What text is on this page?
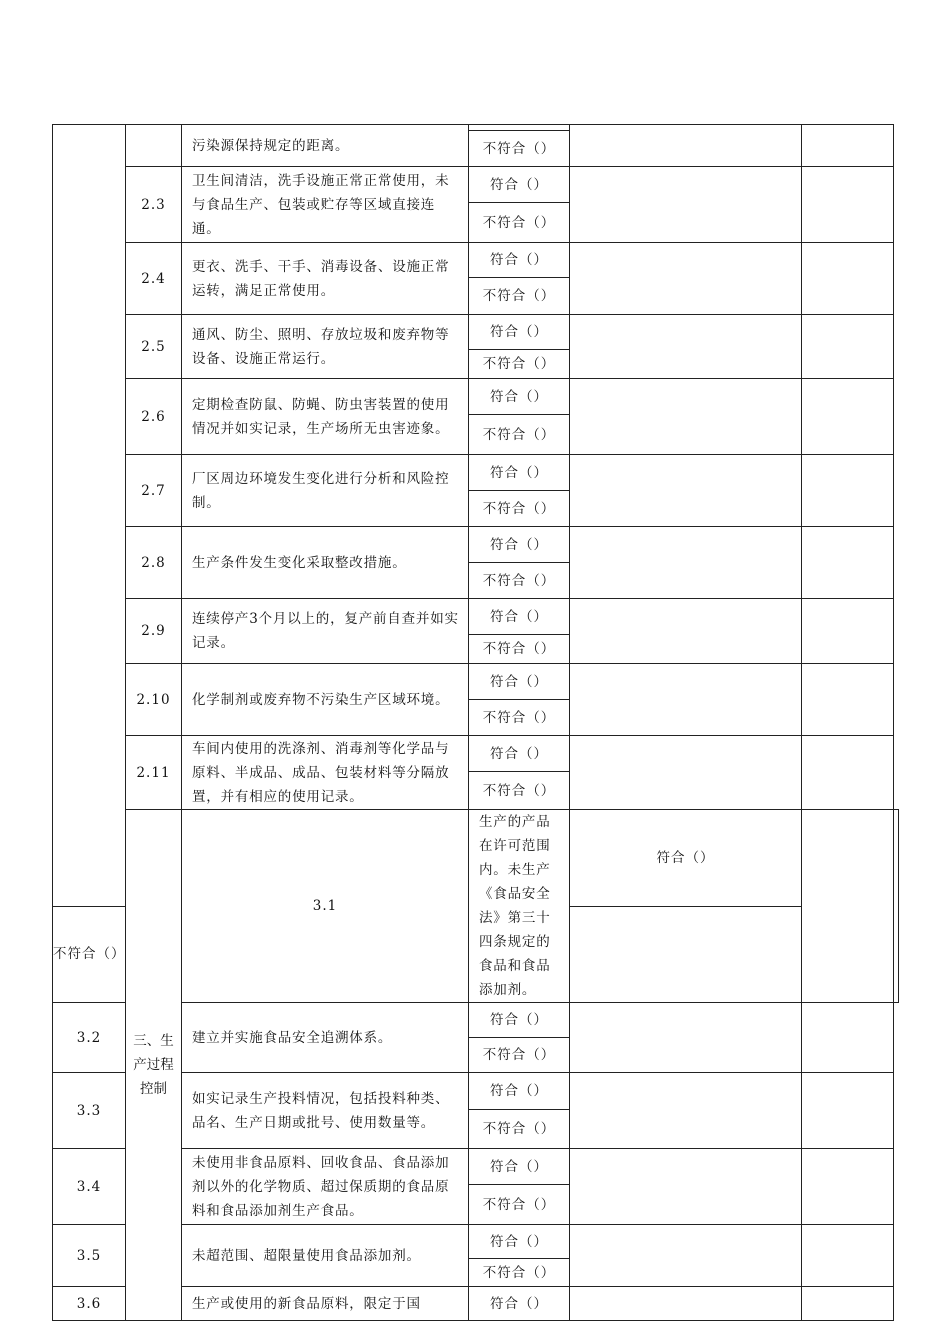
		污染源保持规定的距离。				

			不符合（）			
	2.3	卫生间清洁，洗手设施正常正常使用，未与食品生产、包装或贮存等区域直接连通。	符合（）			
			不符合（）			
	2.4	更衣、洗手、干手、消毒设备、设施正常运转，满足正常使用。	符合（）			
			不符合（）			
	2.5	通风、防尘、照明、存放垃圾和废弃物等设备、设施正常运行。	符合（）			
			不符合（）			
	2.6	定期检查防鼠、防蝇、防虫害装置的使用情况并如实记录，生产场所无虫害迹象。	符合（）			
			不符合（）			
	2.7	厂区周边环境发生变化进行分析和风险控制。	符合（）			
			不符合（）			
	2.8	生产条件发生变化采取整改措施。	符合（）			
			不符合（）			
	2.9	连续停产3个月以上的，复产前自查并如实记录。	符合（）			
			不符合（）			
	2.10	化学制剂或废弃物不污染生产区域环境。	符合（）			
			不符合（）			
	2.11	车间内使用的洗涤剂、消毒剂等化学品与原料、半成品、成品、包装材料等分隔放置，并有相应的使用记录。	符合（）			
			不符合（）			
	三、生产过程控制	3.1	生产的产品在许可范围内。未生产《食品安全法》第三十四条规定的食品和食品添加剂。	符合（）		
不符合（）						
3.2		建立并实施食品安全追溯体系。	符合（）			
			不符合（）			
3.3		如实记录生产投料情况，包括投料种类、品名、生产日期或批号、使用数量等。	符合（）			
			不符合（）			
3.4		未使用非食品原料、回收食品、食品添加剂以外的化学物质、超过保质期的食品原料和食品添加剂生产食品。	符合（）			
			不符合（）			
3.5		未超范围、超限量使用食品添加剂。	符合（）			
			不符合（）			
3.6		生产或使用的新食品原料，限定于国	符合（）			
